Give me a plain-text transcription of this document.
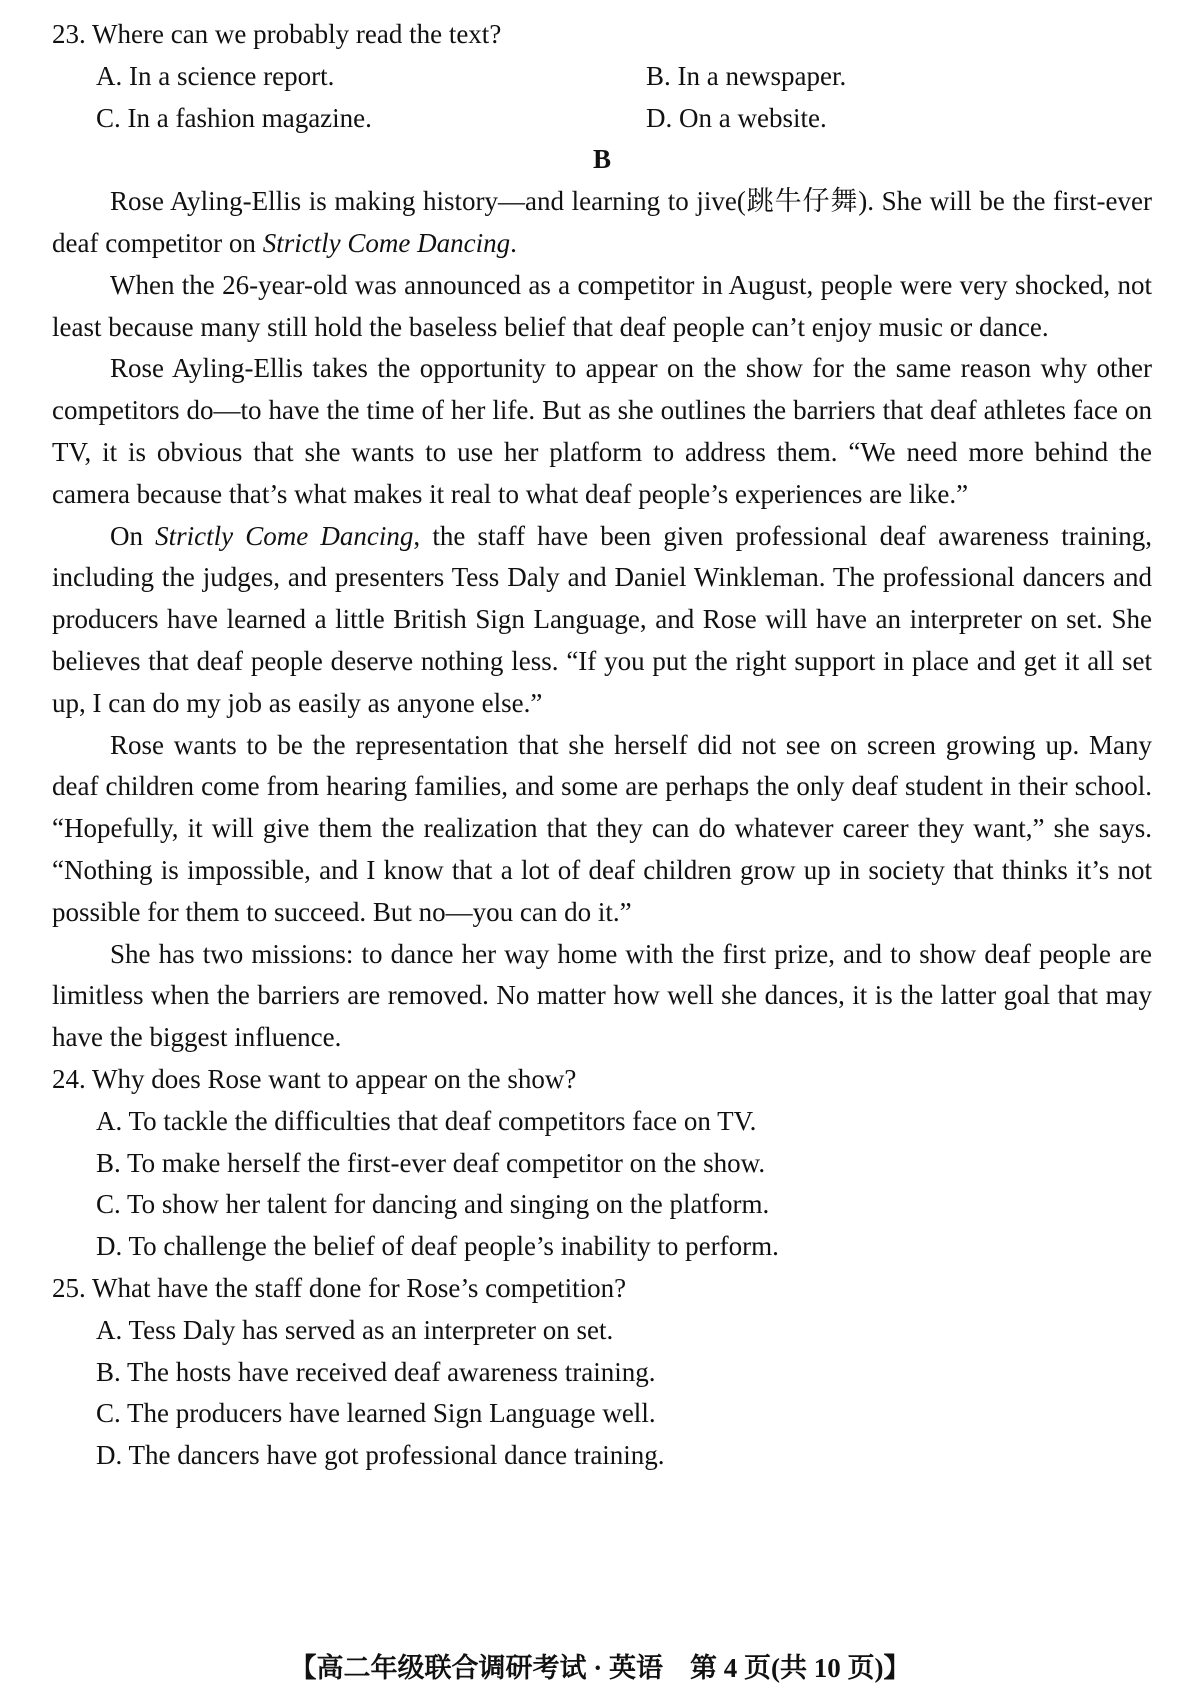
23. Where can we probably read the text?
A. In a science report.	B. In a newspaper.
C. In a fashion magazine.	D. On a website.
B

Rose Ayling-Ellis is making history—and learning to jive(跳牛仔舞). She will be the first-ever deaf competitor on Strictly Come Dancing.

When the 26-year-old was announced as a competitor in August, people were very shocked, not least because many still hold the baseless belief that deaf people can’t enjoy music or dance.

Rose Ayling-Ellis takes the opportunity to appear on the show for the same reason why other competitors do—to have the time of her life. But as she outlines the barriers that deaf athletes face on TV, it is obvious that she wants to use her platform to address them. “We need more behind the camera because that’s what makes it real to what deaf people’s experiences are like.”

On Strictly Come Dancing, the staff have been given professional deaf awareness training, including the judges, and presenters Tess Daly and Daniel Winkleman. The professional dancers and producers have learned a little British Sign Language, and Rose will have an interpreter on set. She believes that deaf people deserve nothing less. “If you put the right support in place and get it all set up, I can do my job as easily as anyone else.”

Rose wants to be the representation that she herself did not see on screen growing up. Many deaf children come from hearing families, and some are perhaps the only deaf student in their school. “Hopefully, it will give them the realization that they can do whatever career they want,” she says. “Nothing is impossible, and I know that a lot of deaf children grow up in society that thinks it’s not possible for them to succeed. But no—you can do it.”

She has two missions: to dance her way home with the first prize, and to show deaf people are limitless when the barriers are removed. No matter how well she dances, it is the latter goal that may have the biggest influence.

24. Why does Rose want to appear on the show?
A. To tackle the difficulties that deaf competitors face on TV.
B. To make herself the first-ever deaf competitor on the show.
C. To show her talent for dancing and singing on the platform.
D. To challenge the belief of deaf people’s inability to perform.
25. What have the staff done for Rose’s competition?
A. Tess Daly has served as an interpreter on set.
B. The hosts have received deaf awareness training.
C. The producers have learned Sign Language well.
D. The dancers have got professional dance training.
【高二年级联合调研考试 · 英语　第 4 页(共 10 页)】
